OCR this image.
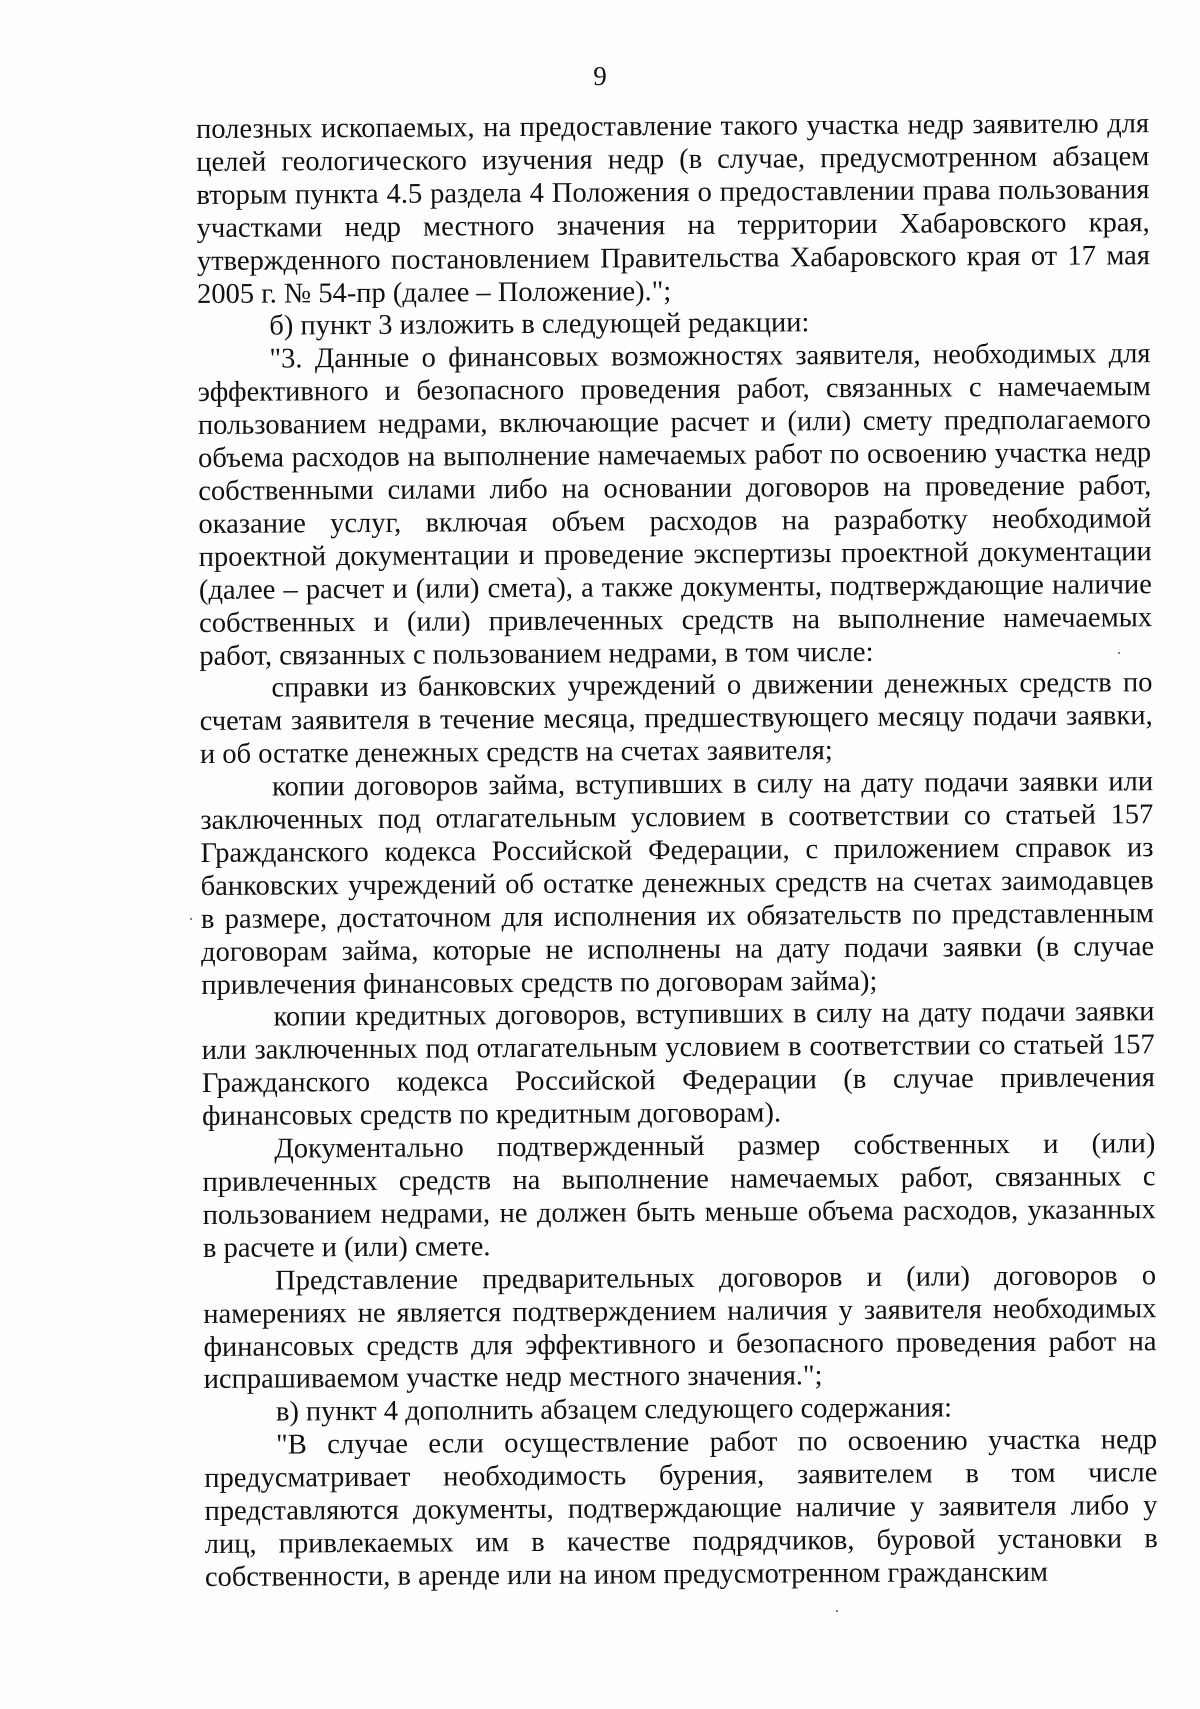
9

полезных ископаемых, на предоставление такого участка недр заявителю для целей геологического изучения недр (в случае, предусмотренном абзацем вторым пункта 4.5 раздела 4 Положения о предоставлении права пользования участками недр местного значения на территории Хабаровского края, утвержденного постановлением Правительства Хабаровского края от 17 мая 2005 г. № 54-пр (далее – Положение).";

б) пункт 3 изложить в следующей редакции:

"3. Данные о финансовых возможностях заявителя, необходимых для эффективного и безопасного проведения работ, связанных с намечаемым пользованием недрами, включающие расчет и (или) смету предполагаемого объема расходов на выполнение намечаемых работ по освоению участка недр собственными силами либо на основании договоров на проведение работ, оказание услуг, включая объем расходов на разработку необходимой проектной документации и проведение экспертизы проектной документации (далее – расчет и (или) смета), а также документы, подтверждающие наличие собственных и (или) привлеченных средств на выполнение намечаемых работ, связанных с пользованием недрами, в том числе:

справки из банковских учреждений о движении денежных средств по счетам заявителя в течение месяца, предшествующего месяцу подачи заявки, и об остатке денежных средств на счетах заявителя;

копии договоров займа, вступивших в силу на дату подачи заявки или заключенных под отлагательным условием в соответствии со статьей 157 Гражданского кодекса Российской Федерации, с приложением справок из банковских учреждений об остатке денежных средств на счетах заимодавцев в размере, достаточном для исполнения их обязательств по представленным договорам займа, которые не исполнены на дату подачи заявки (в случае привлечения финансовых средств по договорам займа);

копии кредитных договоров, вступивших в силу на дату подачи заявки или заключенных под отлагательным условием в соответствии со статьей 157 Гражданского кодекса Российской Федерации (в случае привлечения финансовых средств по кредитным договорам).

Документально подтвержденный размер собственных и (или) привлеченных средств на выполнение намечаемых работ, связанных с пользованием недрами, не должен быть меньше объема расходов, указанных в расчете и (или) смете.

Представление предварительных договоров и (или) договоров о намерениях не является подтверждением наличия у заявителя необходимых финансовых средств для эффективного и безопасного проведения работ на испрашиваемом участке недр местного значения.";

в) пункт 4 дополнить абзацем следующего содержания:

"В случае если осуществление работ по освоению участка недр предусматривает необходимость бурения, заявителем в том числе представляются документы, подтверждающие наличие у заявителя либо у лиц, привлекаемых им в качестве подрядчиков, буровой установки в собственности, в аренде или на ином предусмотренном гражданским
